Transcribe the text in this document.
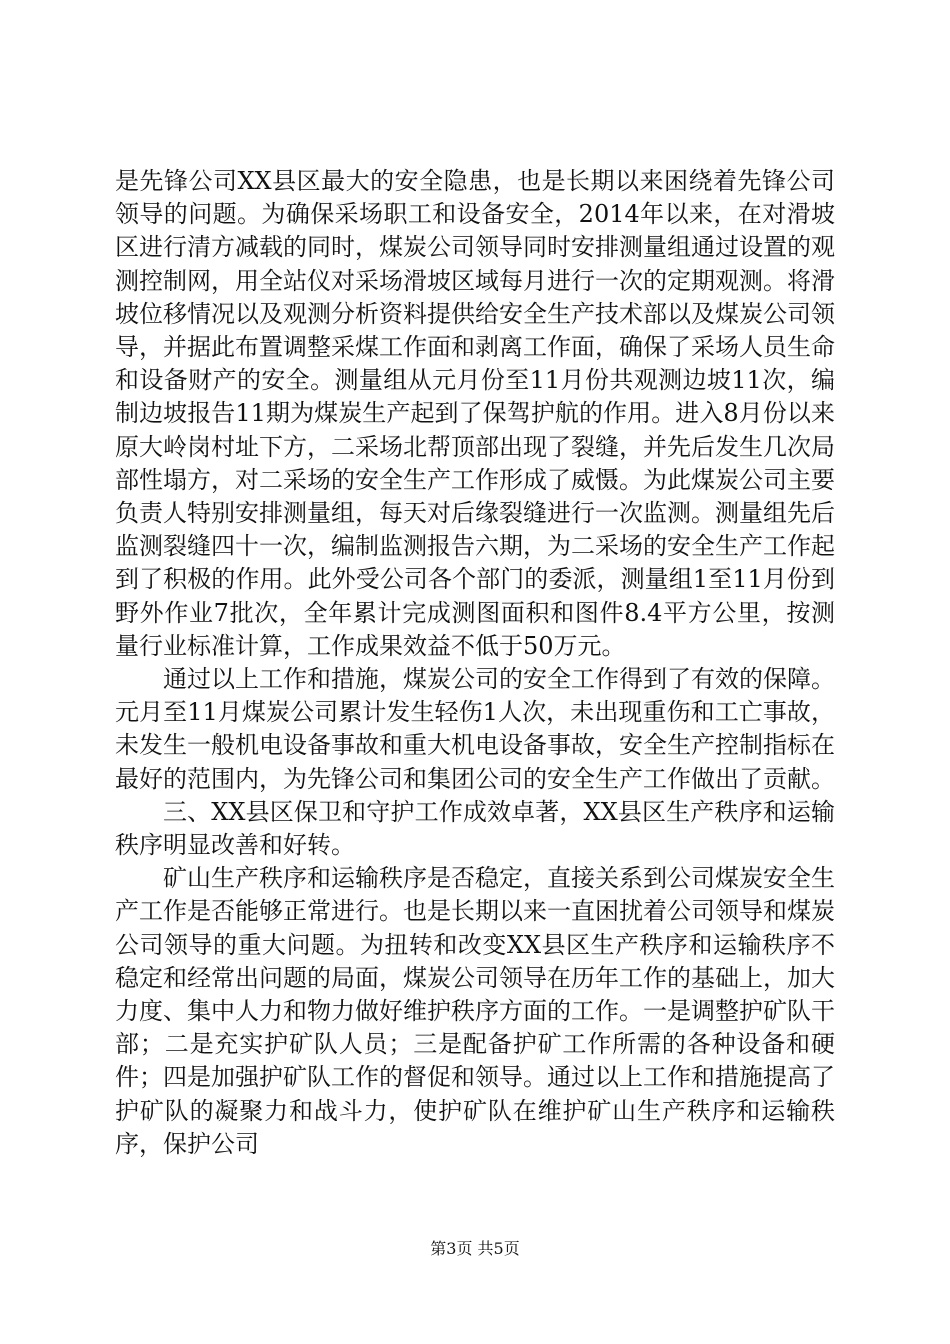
是先锋公司XX县区最大的安全隐患，也是长期以来困绕着先锋公司领导的问题。为确保采场职工和设备安全，2014年以来，在对滑坡区进行清方减载的同时，煤炭公司领导同时安排测量组通过设置的观测控制网，用全站仪对采场滑坡区域每月进行一次的定期观测。将滑坡位移情况以及观测分析资料提供给安全生产技术部以及煤炭公司领导，并据此布置调整采煤工作面和剥离工作面，确保了采场人员生命和设备财产的安全。测量组从元月份至11月份共观测边坡11次，编制边坡报告11期为煤炭生产起到了保驾护航的作用。进入8月份以来原大岭岗村址下方，二采场北帮顶部出现了裂缝，并先后发生几次局部性塌方，对二采场的安全生产工作形成了威慑。为此煤炭公司主要负责人特别安排测量组，每天对后缘裂缝进行一次监测。测量组先后监测裂缝四十一次，编制监测报告六期，为二采场的安全生产工作起到了积极的作用。此外受公司各个部门的委派，测量组1至11月份到野外作业7批次，全年累计完成测图面积和图件8.4平方公里，按测量行业标准计算，工作成果效益不低于50万元。

通过以上工作和措施，煤炭公司的安全工作得到了有效的保障。元月至11月煤炭公司累计发生轻伤1人次，未出现重伤和工亡事故，未发生一般机电设备事故和重大机电设备事故，安全生产控制指标在最好的范围内，为先锋公司和集团公司的安全生产工作做出了贡献。

三、XX县区保卫和守护工作成效卓著，XX县区生产秩序和运输秩序明显改善和好转。

矿山生产秩序和运输秩序是否稳定，直接关系到公司煤炭安全生产工作是否能够正常进行。也是长期以来一直困扰着公司领导和煤炭公司领导的重大问题。为扭转和改变XX县区生产秩序和运输秩序不稳定和经常出问题的局面，煤炭公司领导在历年工作的基础上，加大力度、集中人力和物力做好维护秩序方面的工作。一是调整护矿队干部；二是充实护矿队人员；三是配备护矿工作所需的各种设备和硬件；四是加强护矿队工作的督促和领导。通过以上工作和措施提高了护矿队的凝聚力和战斗力，使护矿队在维护矿山生产秩序和运输秩序，保护公司

第3页 共5页
